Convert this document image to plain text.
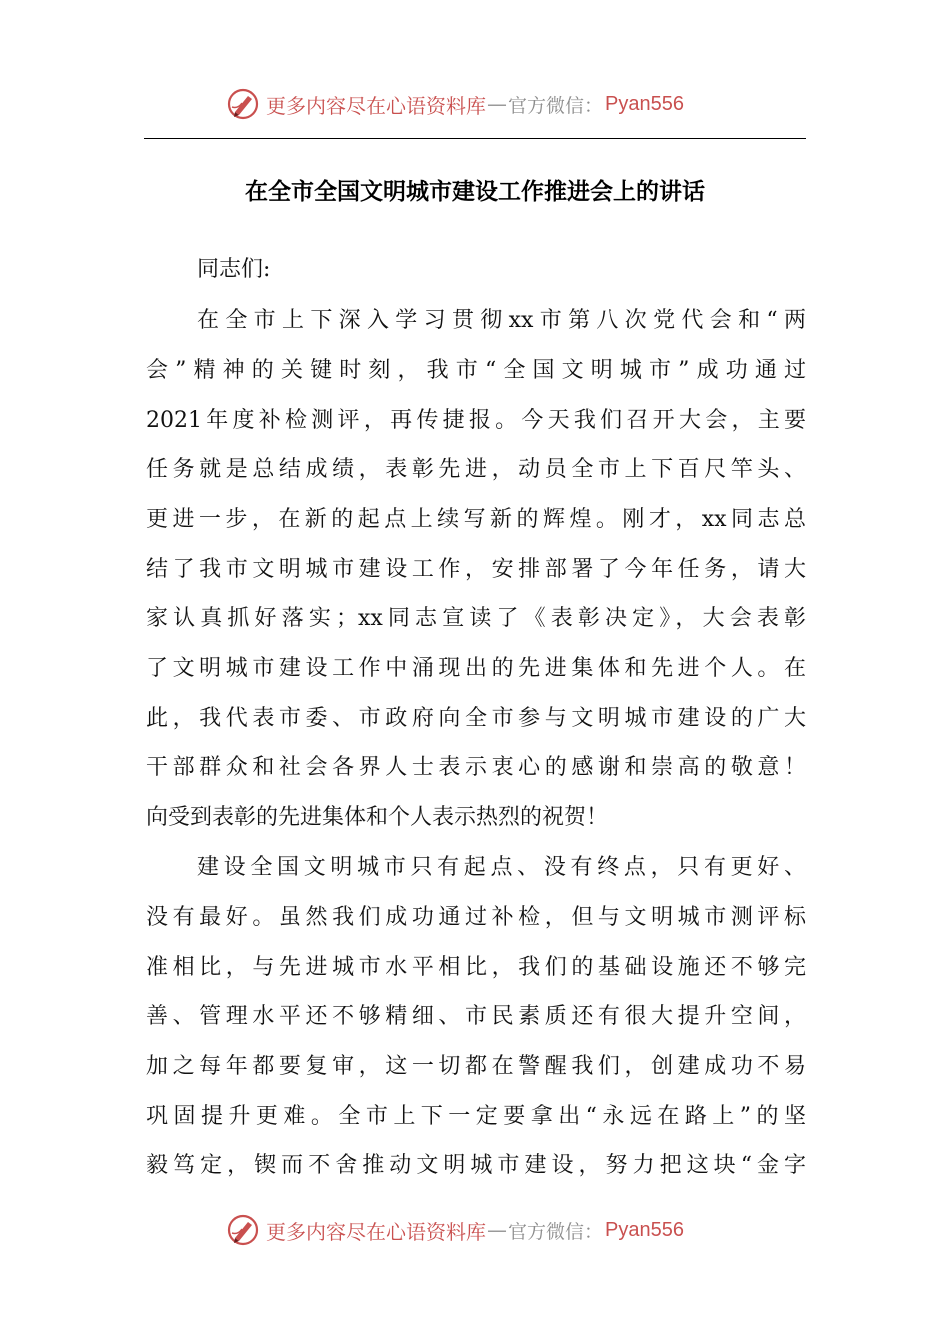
更多内容尽在心语资料库 — 官方微信： Pyan556
在全市全国文明城市建设工作推进会上的讲话
同志们:
在全市上下深入学习贯彻xx市第八次党代会和“两
会”精神的关键时刻，我市“全国文明城市”成功通过
2021年度补检测评，再传捷报。今天我们召开大会，主要
任务就是总结成绩，表彰先进，动员全市上下百尺竿头、
更进一步，在新的起点上续写新的辉煌。刚才，xx同志总
结了我市文明城市建设工作，安排部署了今年任务，请大
家认真抓好落实；xx同志宣读了《表彰决定》，大会表彰
了文明城市建设工作中涌现出的先进集体和先进个人。在
此，我代表市委、市政府向全市参与文明城市建设的广大
干部群众和社会各界人士表示衷心的感谢和崇高的敬意！
向受到表彰的先进集体和个人表示热烈的祝贺！
建设全国文明城市只有起点、没有终点，只有更好、
没有最好。虽然我们成功通过补检，但与文明城市测评标
准相比，与先进城市水平相比，我们的基础设施还不够完
善、管理水平还不够精细、市民素质还有很大提升空间，
加之每年都要复审，这一切都在警醒我们，创建成功不易
巩固提升更难。全市上下一定要拿出“永远在路上”的坚
毅笃定，锲而不舍推动文明城市建设，努力把这块“金字
更多内容尽在心语资料库 — 官方微信： Pyan556
